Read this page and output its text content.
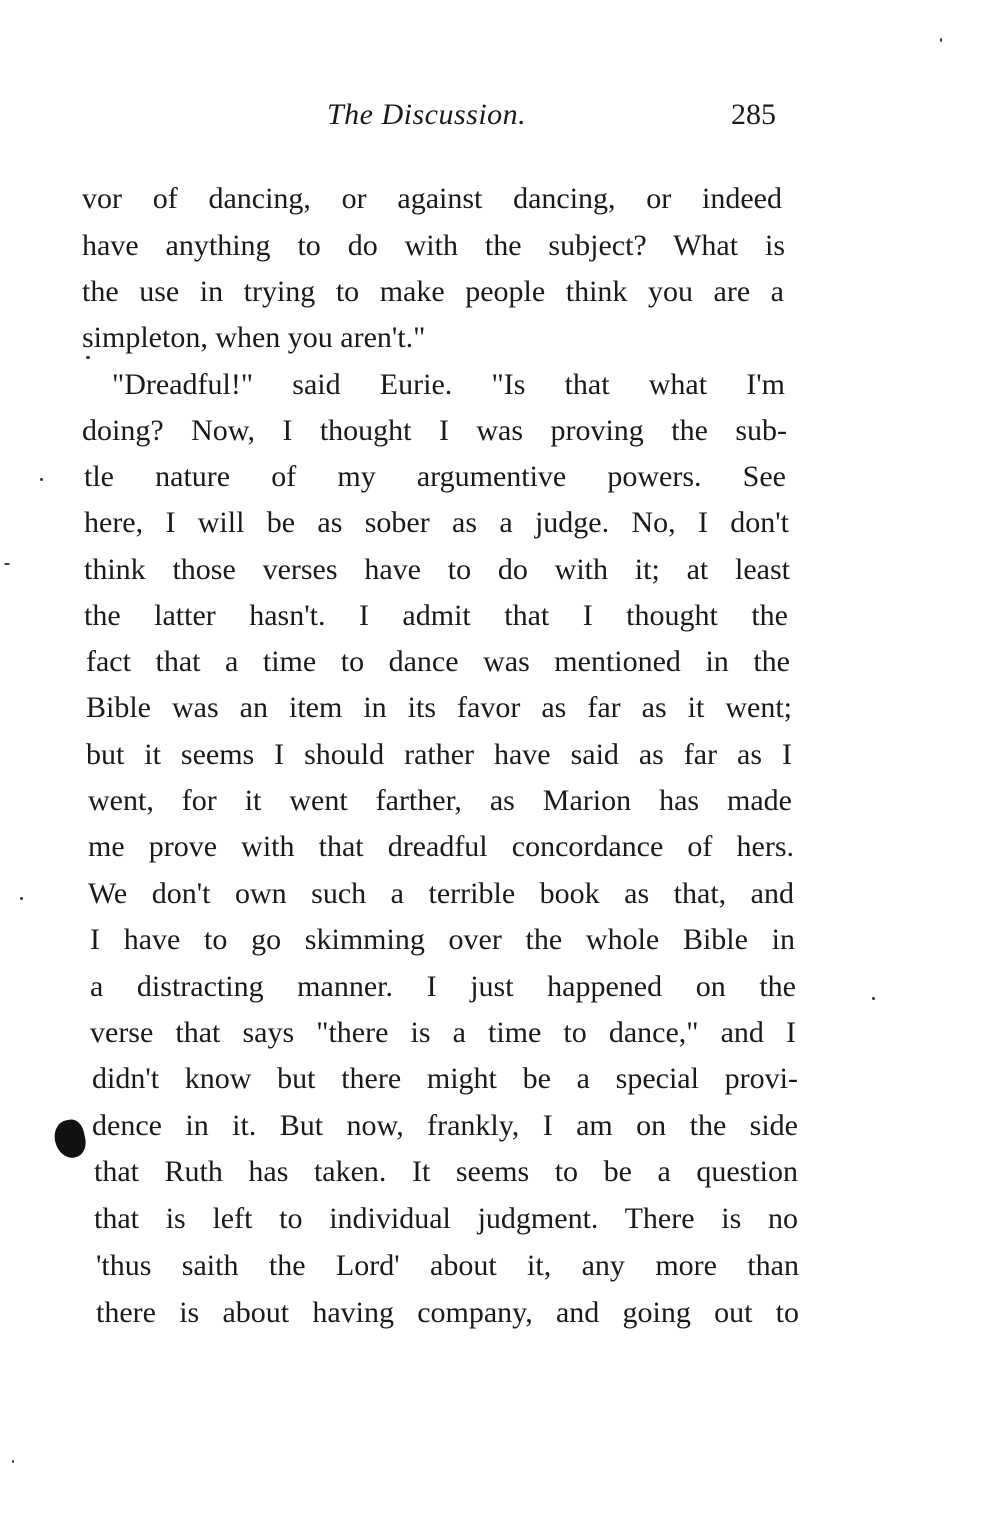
The Discussion.	285
vor of dancing, or against dancing, or indeed
have anything to do with the subject? What is
the use in trying to make people think you are a
simpleton, when you aren't."
"Dreadful!" said Eurie. "Is that what I'm
doing? Now, I thought I was proving the sub-
tle nature of my argumentive powers. See
here, I will be as sober as a judge. No, I don't
think those verses have to do with it; at least
the latter hasn't. I admit that I thought the
fact that a time to dance was mentioned in the
Bible was an item in its favor as far as it went;
but it seems I should rather have said as far as I
went, for it went farther, as Marion has made
me prove with that dreadful concordance of hers.
We don't own such a terrible book as that, and
I have to go skimming over the whole Bible in
a distracting manner. I just happened on the
verse that says "there is a time to dance," and I
didn't know but there might be a special provi-
dence in it. But now, frankly, I am on the side
that Ruth has taken. It seems to be a question
that is left to individual judgment. There is no
'thus saith the Lord' about it, any more than
there is about having company, and going out to
